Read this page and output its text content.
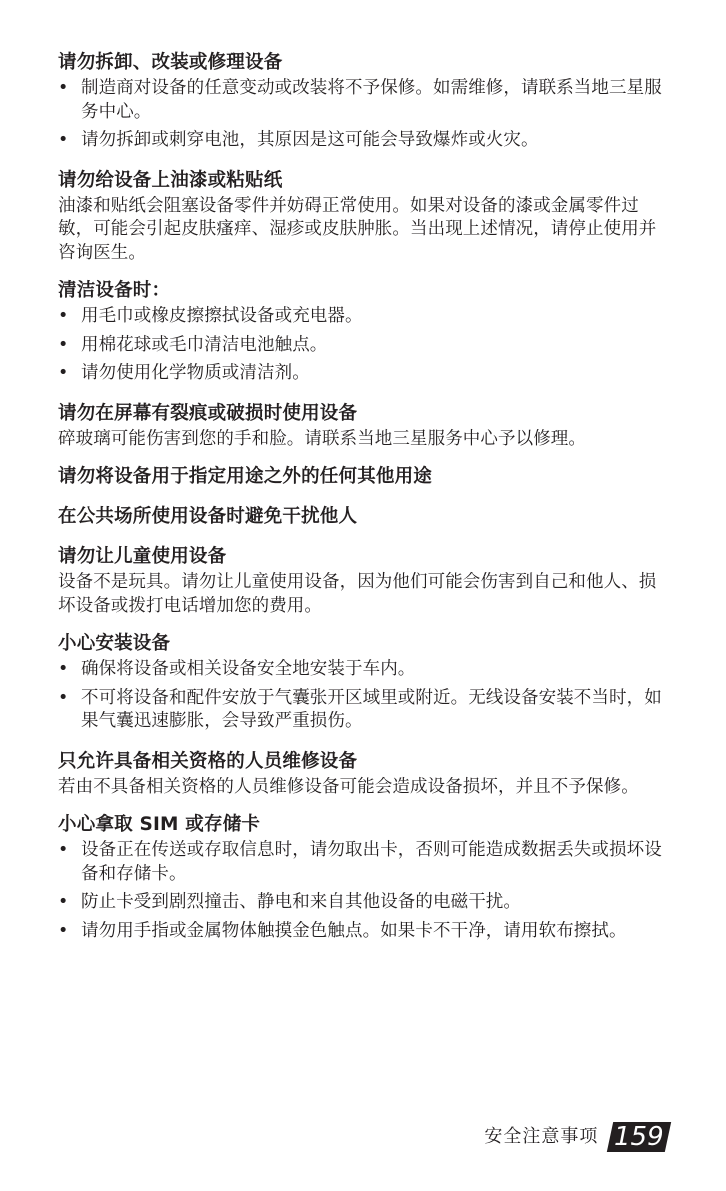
请勿拆卸、改装或修理设备
• 制造商对设备的任意变动或改装将不予保修。如需维修，请联系当地三星服务中心。
• 请勿拆卸或刺穿电池，其原因是这可能会导致爆炸或火灾。
请勿给设备上油漆或粘贴纸

油漆和贴纸会阻塞设备零件并妨碍正常使用。如果对设备的漆或金属零件过敏，可能会引起皮肤瘙痒、湿疹或皮肤肿胀。当出现上述情况，请停止使用并咨询医生。

清洁设备时：
• 用毛巾或橡皮擦擦拭设备或充电器。
• 用棉花球或毛巾清洁电池触点。
• 请勿使用化学物质或清洁剂。
请勿在屏幕有裂痕或破损时使用设备

碎玻璃可能伤害到您的手和脸。请联系当地三星服务中心予以修理。

请勿将设备用于指定用途之外的任何其他用途
在公共场所使用设备时避免干扰他人
请勿让儿童使用设备

设备不是玩具。请勿让儿童使用设备，因为他们可能会伤害到自己和他人、损坏设备或拨打电话增加您的费用。

小心安装设备
• 确保将设备或相关设备安全地安装于车内。
• 不可将设备和配件安放于气囊张开区域里或附近。无线设备安装不当时，如果气囊迅速膨胀，会导致严重损伤。
只允许具备相关资格的人员维修设备

若由不具备相关资格的人员维修设备可能会造成设备损坏，并且不予保修。

小心拿取 SIM 或存储卡
• 设备正在传送或存取信息时，请勿取出卡，否则可能造成数据丢失或损坏设备和存储卡。
• 防止卡受到剧烈撞击、静电和来自其他设备的电磁干扰。
• 请勿用手指或金属物体触摸金色触点。如果卡不干净，请用软布擦拭。
安全注意事项 159
